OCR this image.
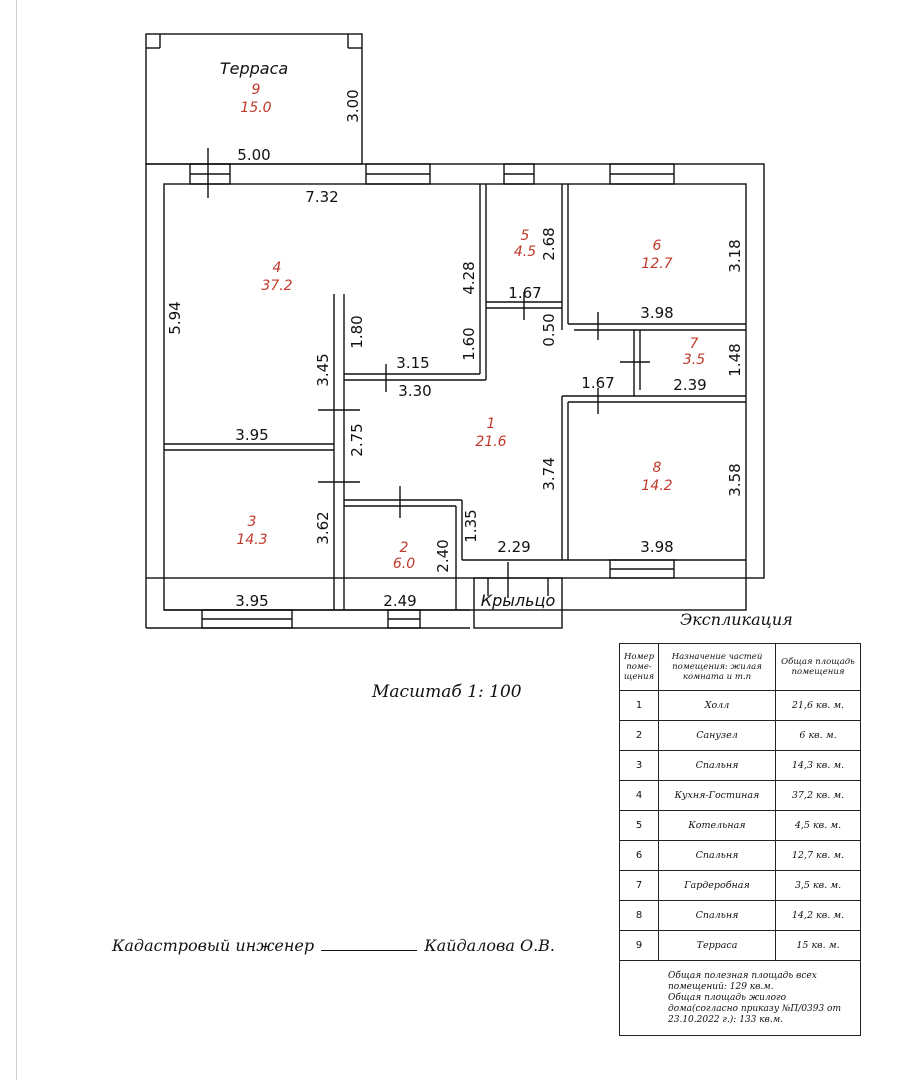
Терраса
Крыльцо
1
21.6
2
6.0
3
14.3
4
37.2
5
4.5	6
12.7
7
3.5
8
14.2
9
15.0	3.00
5.00
7.32
5.94
4.28
2.68
1.67
3.18
3.98
0.50
1.60
1.80
3.15
3.30
3.45	1.48
2.39
1.67
3.95	2.75
3.74	3.58
3.62	1.35
2.40	2.29	3.98
3.95	2.49
Масштаб 1: 100
Кадастровый инженер	Кайдалова О.В.
Экспликация
Номер поме-щения	Назначение частей помещения: жилая комната и т.п	Общая площадь помещения
1	Холл	21,6 кв. м.
2	Санузел	6 кв. м.
3	Спальня	14,3 кв. м.
4	Кухня-Гостиная	37,2 кв. м.
5	Котельная	4,5 кв. м.
6	Спальня	12,7 кв. м.
7	Гардеробная	3,5 кв. м.
8	Спальня	14,2 кв. м.
9	Терраса	15 кв. м.

Общая полезная площадь всех помещений: 129 кв.м.
Общая площадь жилого дома(согласно приказу №П/0393 от 23.10.2022 г.): 133 кв.м.		
